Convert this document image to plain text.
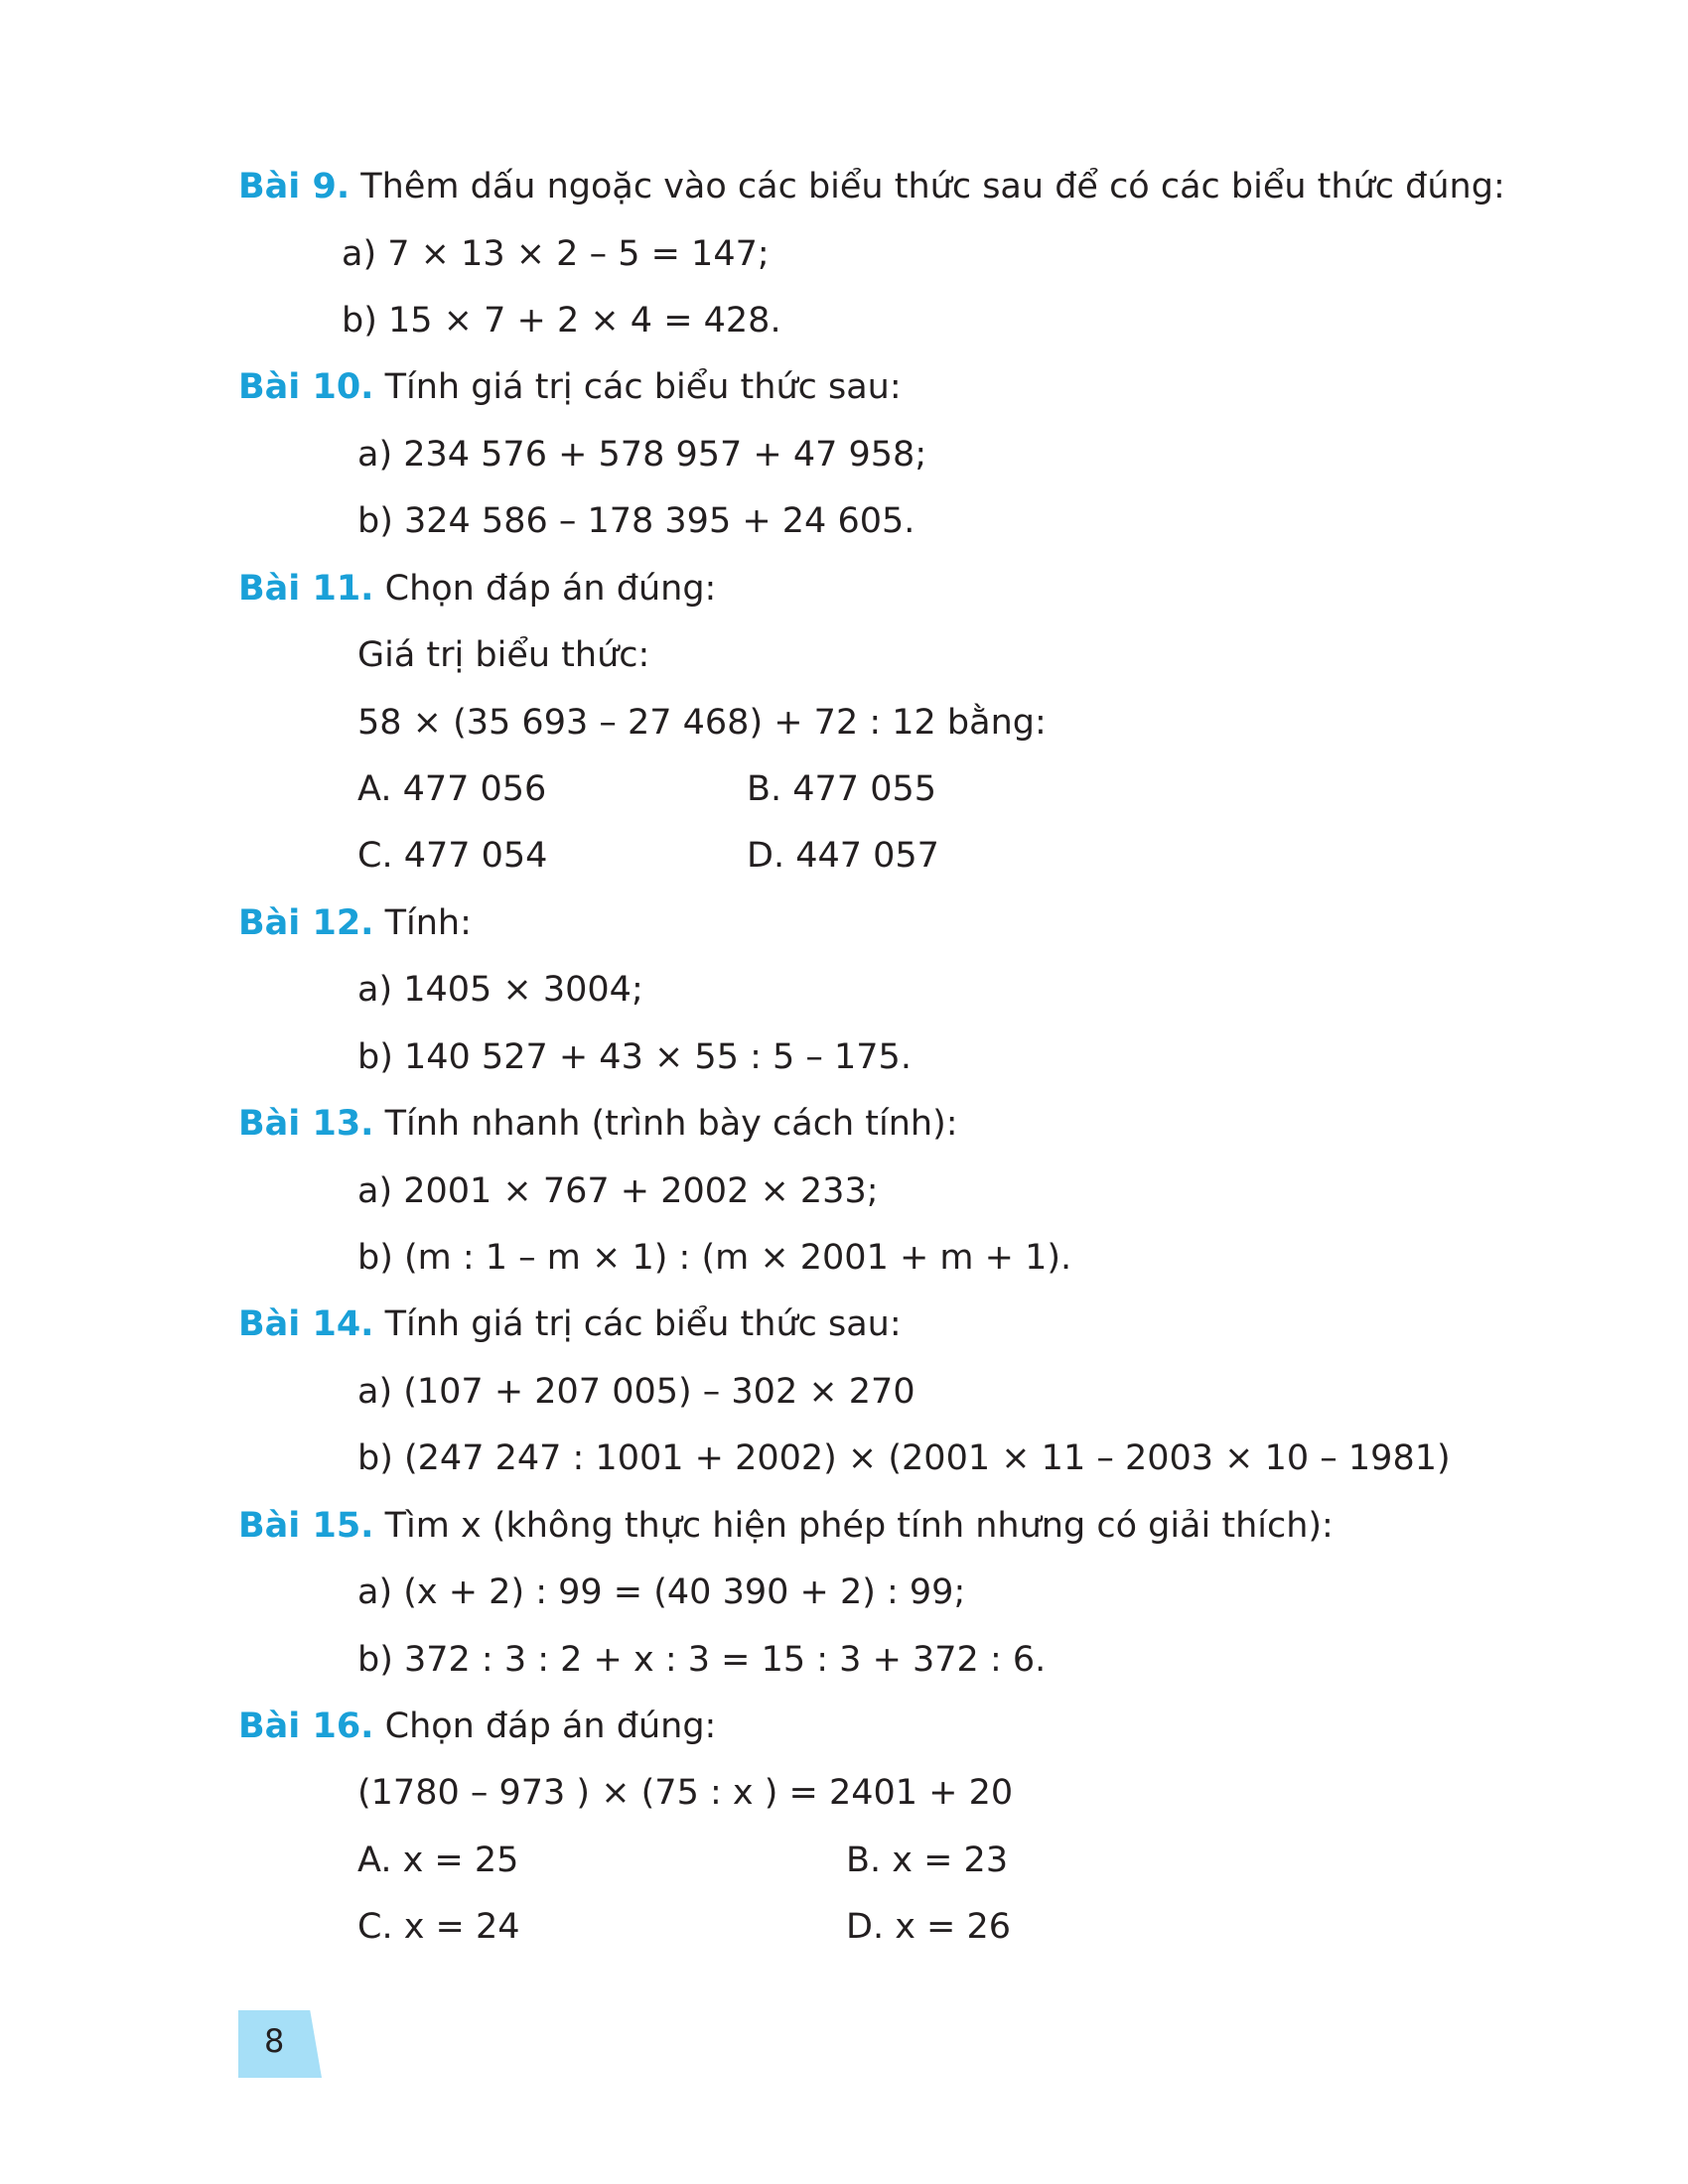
Bài 9. Thêm dấu ngoặc vào các biểu thức sau để có các biểu thức đúng:
a) 7 × 13 × 2 – 5 = 147;
b) 15 × 7 + 2 × 4 = 428.
Bài 10. Tính giá trị các biểu thức sau:
a) 234 576 + 578 957 + 47 958;
b) 324 586 – 178 395 + 24 605.
Bài 11. Chọn đáp án đúng:
Giá trị biểu thức:
58 × (35 693 – 27 468) + 72 : 12 bằng:
A. 477 056	B. 477 055
C. 477 054	D. 447 057
Bài 12. Tính:
a) 1405 × 3004;
b) 140 527 + 43 × 55 : 5 – 175.
Bài 13. Tính nhanh (trình bày cách tính):
a) 2001 × 767 + 2002 × 233;
b) (m : 1 – m × 1) : (m × 2001 + m + 1).
Bài 14. Tính giá trị các biểu thức sau:
a) (107 + 207 005) – 302 × 270
b) (247 247 : 1001 + 2002) × (2001 × 11 – 2003 × 10 – 1981)
Bài 15. Tìm x (không thực hiện phép tính nhưng có giải thích):
a) (x + 2) : 99 = (40 390 + 2) : 99;
b) 372 : 3 : 2 + x : 3 = 15 : 3 + 372 : 6.
Bài 16. Chọn đáp án đúng:
(1780 – 973 ) × (75 : x ) = 2401 + 20
A. x = 25	B. x = 23
C. x = 24	D. x = 26
8
